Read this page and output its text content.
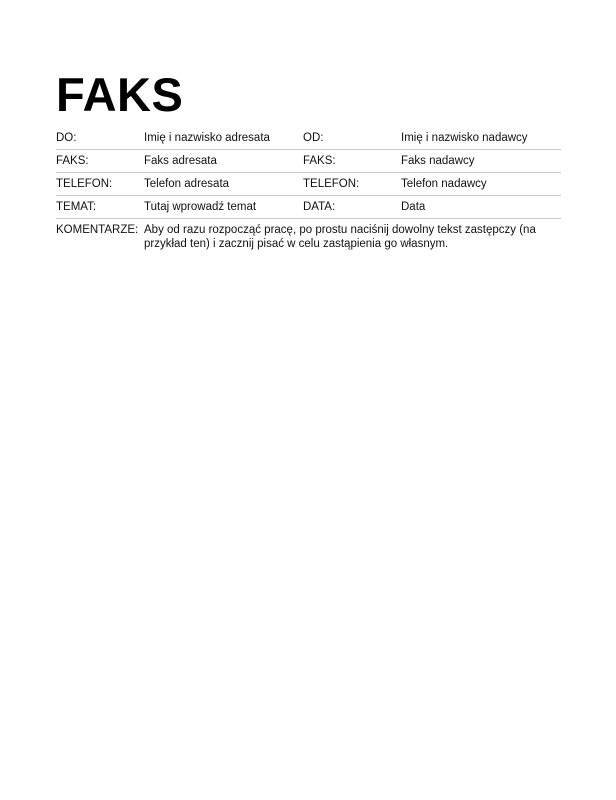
FAKS
DO:	Imię i nazwisko adresata	OD:	Imię i nazwisko nadawcy
FAKS:	Faks adresata	FAKS:	Faks nadawcy
TELEFON:	Telefon adresata	TELEFON:	Telefon nadawcy
TEMAT:	Tutaj wprowadź temat	DATA:	Data
KOMENTARZE: Aby od razu rozpocząć pracę, po prostu naciśnij dowolny tekst zastępczy (na przykład ten) i zacznij pisać w celu zastąpienia go własnym.
